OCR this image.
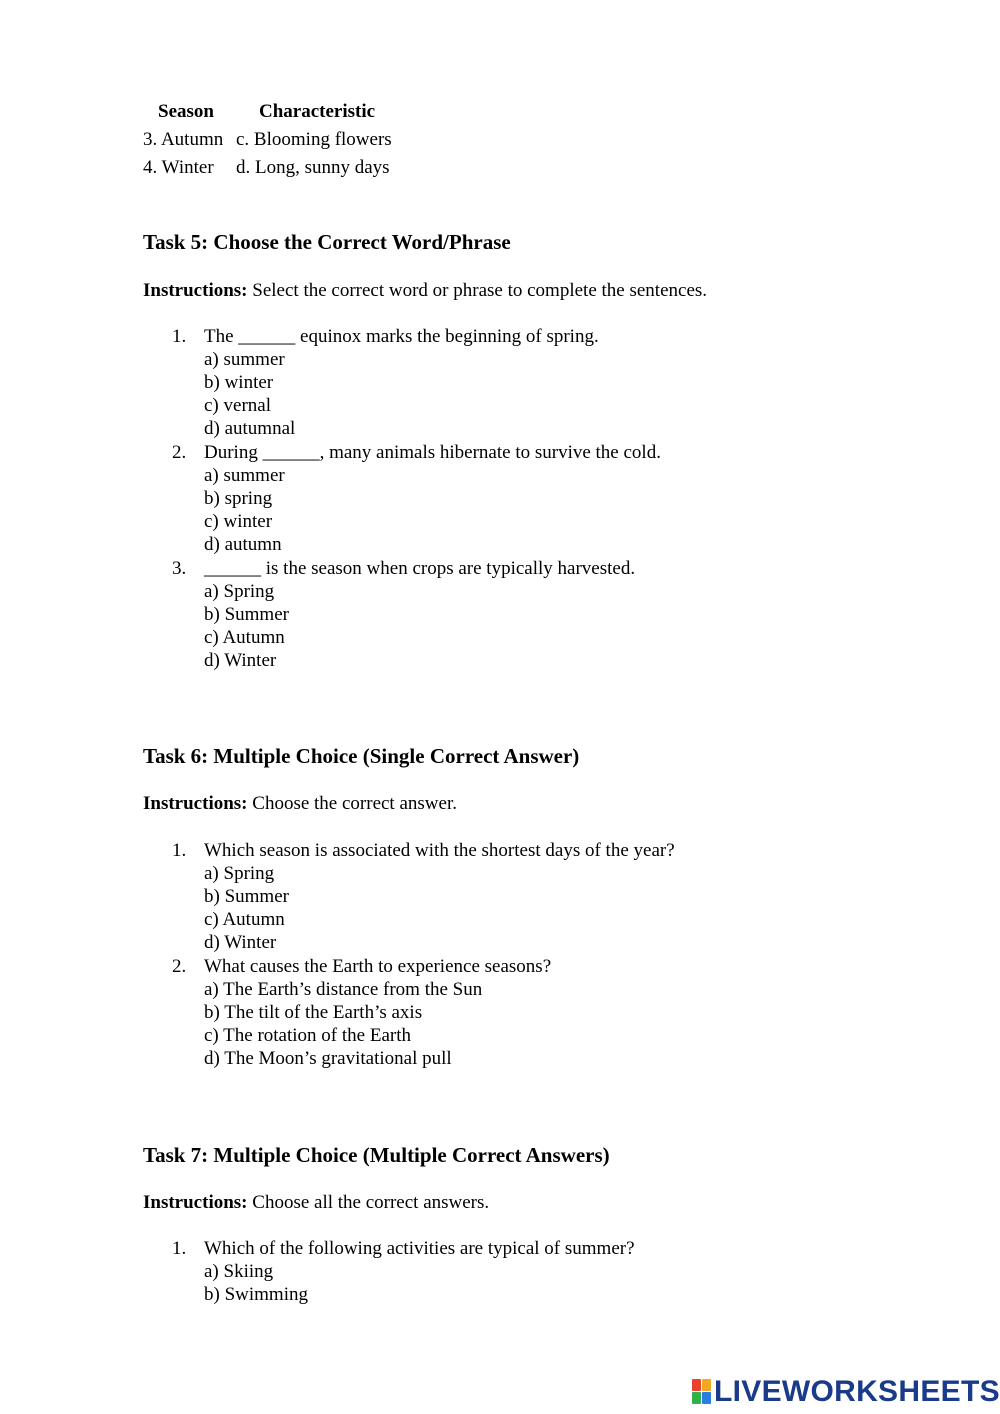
Season Characteristic
3. Autumn c. Blooming flowers
4. Winter d. Long, sunny days
Task 5: Choose the Correct Word/Phrase
Instructions: Select the correct word or phrase to complete the sentences.
1. The ______ equinox marks the beginning of spring.
a) summer
b) winter
c) vernal
d) autumnal
2. During ______, many animals hibernate to survive the cold.
a) summer
b) spring
c) winter
d) autumn
3. ______ is the season when crops are typically harvested.
a) Spring
b) Summer
c) Autumn
d) Winter
Task 6: Multiple Choice (Single Correct Answer)
Instructions: Choose the correct answer.
1. Which season is associated with the shortest days of the year?
a) Spring
b) Summer
c) Autumn
d) Winter
2. What causes the Earth to experience seasons?
a) The Earth’s distance from the Sun
b) The tilt of the Earth’s axis
c) The rotation of the Earth
d) The Moon’s gravitational pull
Task 7: Multiple Choice (Multiple Correct Answers)
Instructions: Choose all the correct answers.
1. Which of the following activities are typical of summer?
a) Skiing
b) Swimming
LIVEWORKSHEETS
